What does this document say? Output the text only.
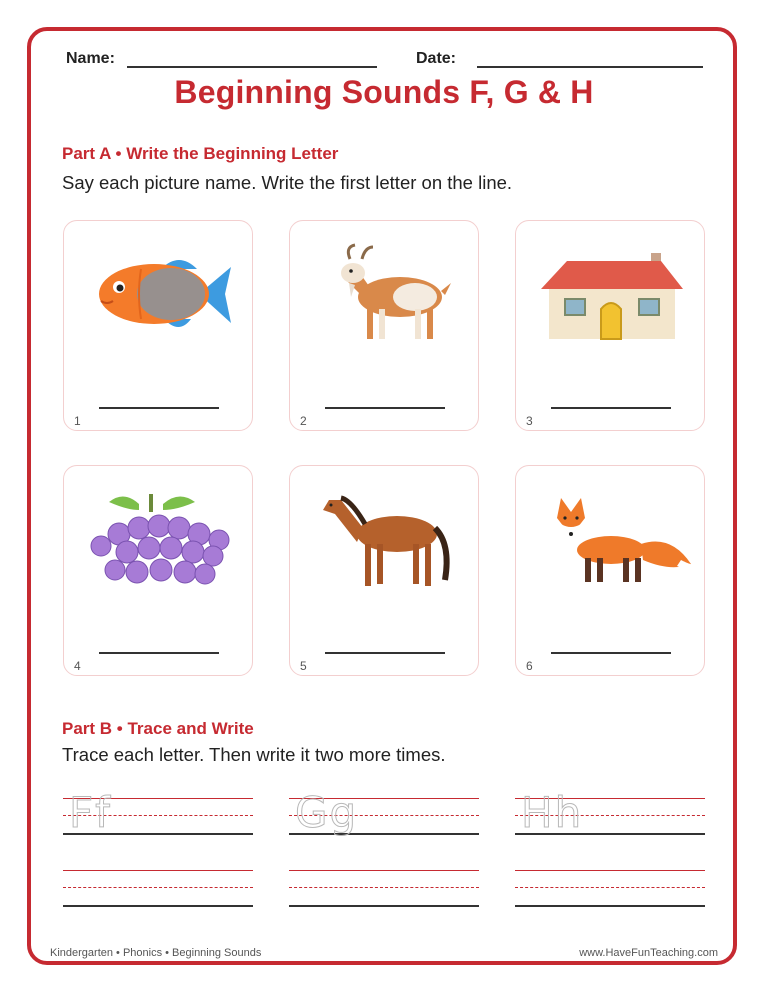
Name:	Date:
Beginning Sounds F, G & H
Part A • Write the Beginning Letter
Say each picture name. Write the first letter on the line.
1	2	3
4	5	6
Part B • Trace and Write
Trace each letter. Then write it two more times.
Ff	Gg	Hh
Kindergarten • Phonics • Beginning Sounds	www.HaveFunTeaching.com
